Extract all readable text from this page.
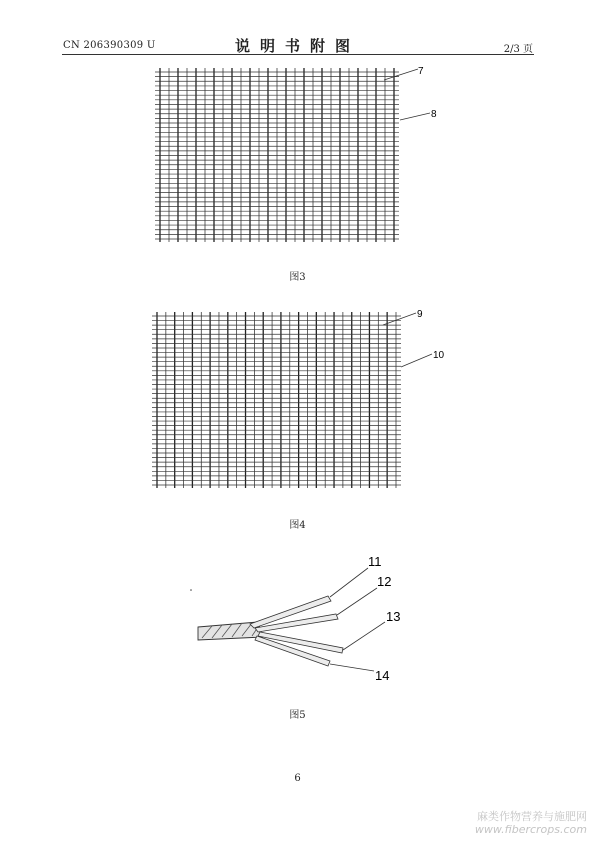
CN 206390309 U	说明书附图	2/3 页
7
8
9
10
11
12
13
14
图3
图4
图5
6
麻类作物营养与施肥网
www.fibercrops.com
